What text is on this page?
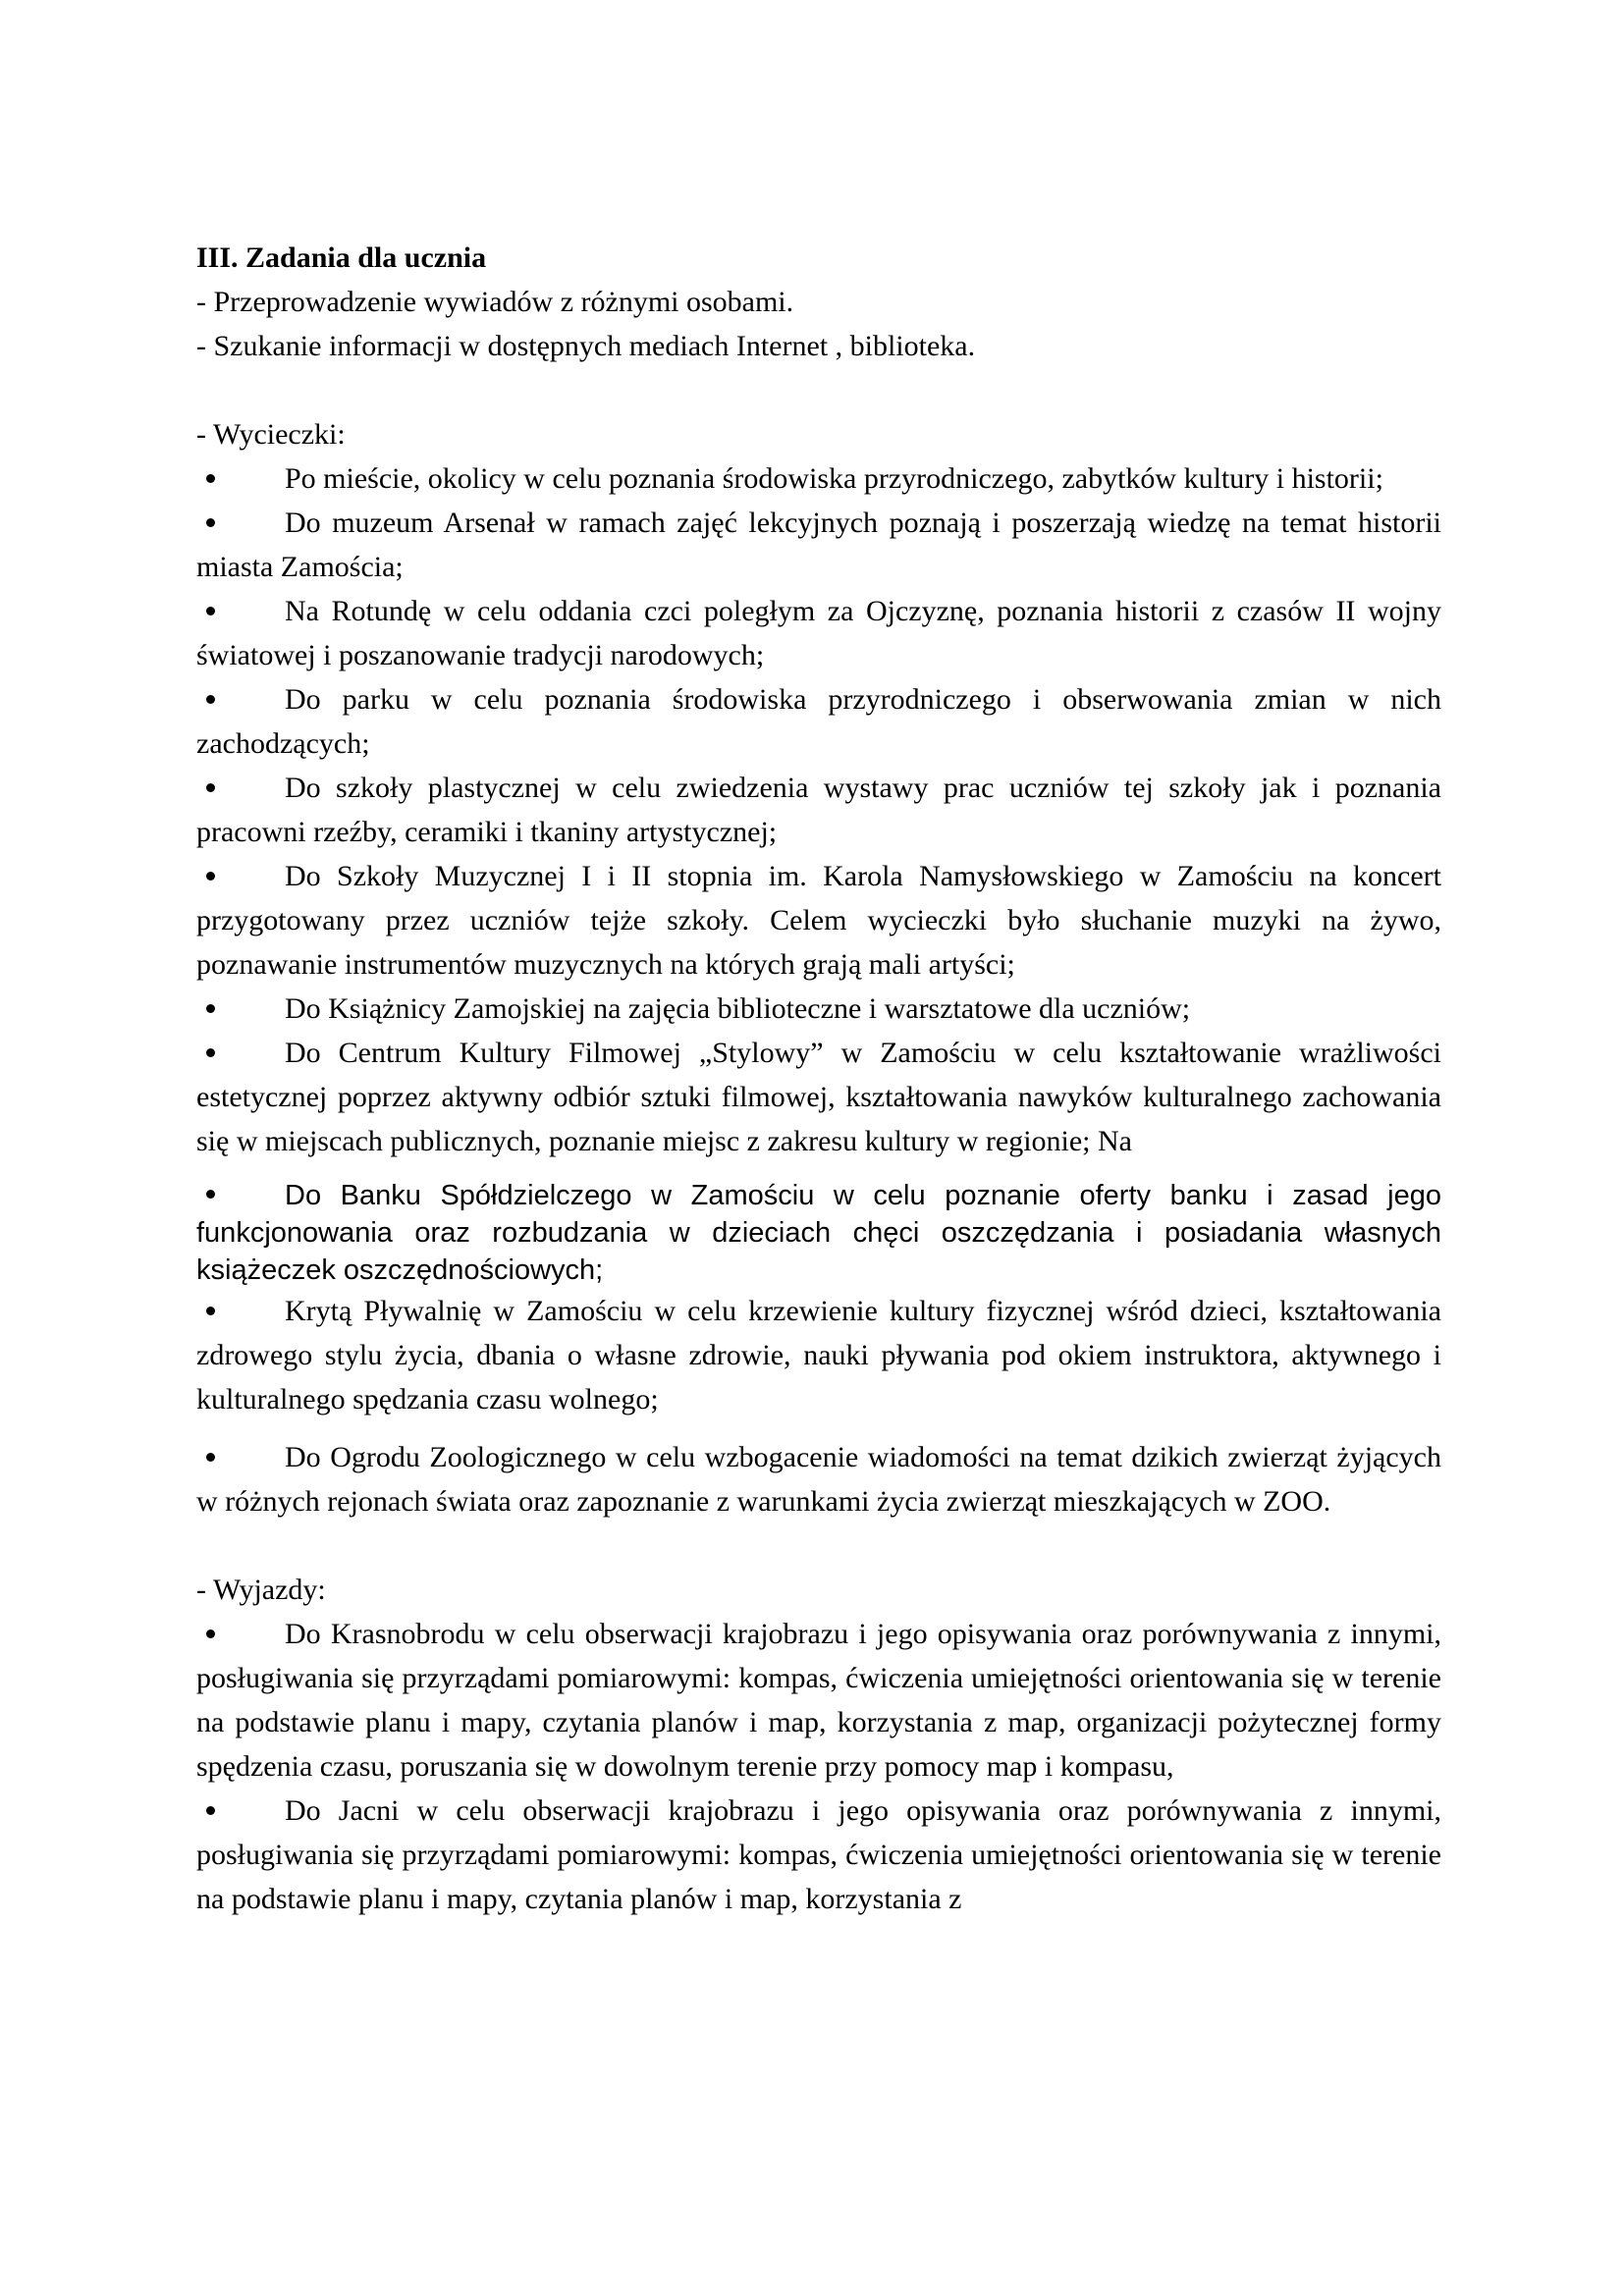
III. Zadania dla ucznia

- Przeprowadzenie wywiadów z różnymi osobami.

- Szukanie informacji w dostępnych mediach Internet , biblioteka.

- Wycieczki:

Po mieście, okolicy w celu poznania środowiska przyrodniczego, zabytków kultury i historii;
Do muzeum Arsenał w ramach zajęć lekcyjnych poznają i poszerzają wiedzę na temat historii miasta Zamościa;
Na Rotundę w celu oddania czci poległym za Ojczyznę, poznania historii z czasów II wojny światowej i poszanowanie tradycji narodowych;
Do parku w celu poznania środowiska przyrodniczego i obserwowania zmian w nich zachodzących;
Do szkoły plastycznej w celu zwiedzenia wystawy prac uczniów tej szkoły jak i poznania pracowni rzeźby, ceramiki i tkaniny artystycznej;
Do Szkoły Muzycznej I i II stopnia im. Karola Namysłowskiego w Zamościu na koncert przygotowany przez uczniów tejże szkoły. Celem wycieczki było słuchanie muzyki na żywo, poznawanie instrumentów muzycznych na których grają mali artyści;
Do Książnicy Zamojskiej na zajęcia biblioteczne i warsztatowe dla uczniów;
Do Centrum Kultury Filmowej „Stylowy” w Zamościu w celu kształtowanie wrażliwości estetycznej poprzez aktywny odbiór sztuki filmowej, kształtowania nawyków kulturalnego zachowania się w miejscach publicznych, poznanie miejsc z zakresu kultury w regionie; Na
Do Banku Spółdzielczego w Zamościu w celu poznanie oferty banku i zasad jego funkcjonowania oraz rozbudzania w dzieciach chęci oszczędzania i posiadania własnych książeczek oszczędnościowych;
Krytą Pływalnię w Zamościu w celu krzewienie kultury fizycznej wśród dzieci, kształtowania zdrowego stylu życia, dbania o własne zdrowie, nauki pływania pod okiem instruktora, aktywnego i kulturalnego spędzania czasu wolnego;
Do Ogrodu Zoologicznego w celu wzbogacenie wiadomości na temat dzikich zwierząt żyjących w różnych rejonach świata oraz zapoznanie z warunkami życia zwierząt mieszkających w ZOO.

- Wyjazdy:

Do Krasnobrodu w celu obserwacji krajobrazu i jego opisywania oraz porównywania z innymi, posługiwania się przyrządami pomiarowymi: kompas, ćwiczenia umiejętności orientowania się w terenie na podstawie planu i mapy, czytania planów i map, korzystania z map, organizacji pożytecznej formy spędzenia czasu, poruszania się w dowolnym terenie przy pomocy map i kompasu,
Do Jacni w celu obserwacji krajobrazu i jego opisywania oraz porównywania z innymi, posługiwania się przyrządami pomiarowymi: kompas, ćwiczenia umiejętności orientowania się w terenie na podstawie planu i mapy, czytania planów i map, korzystania z
